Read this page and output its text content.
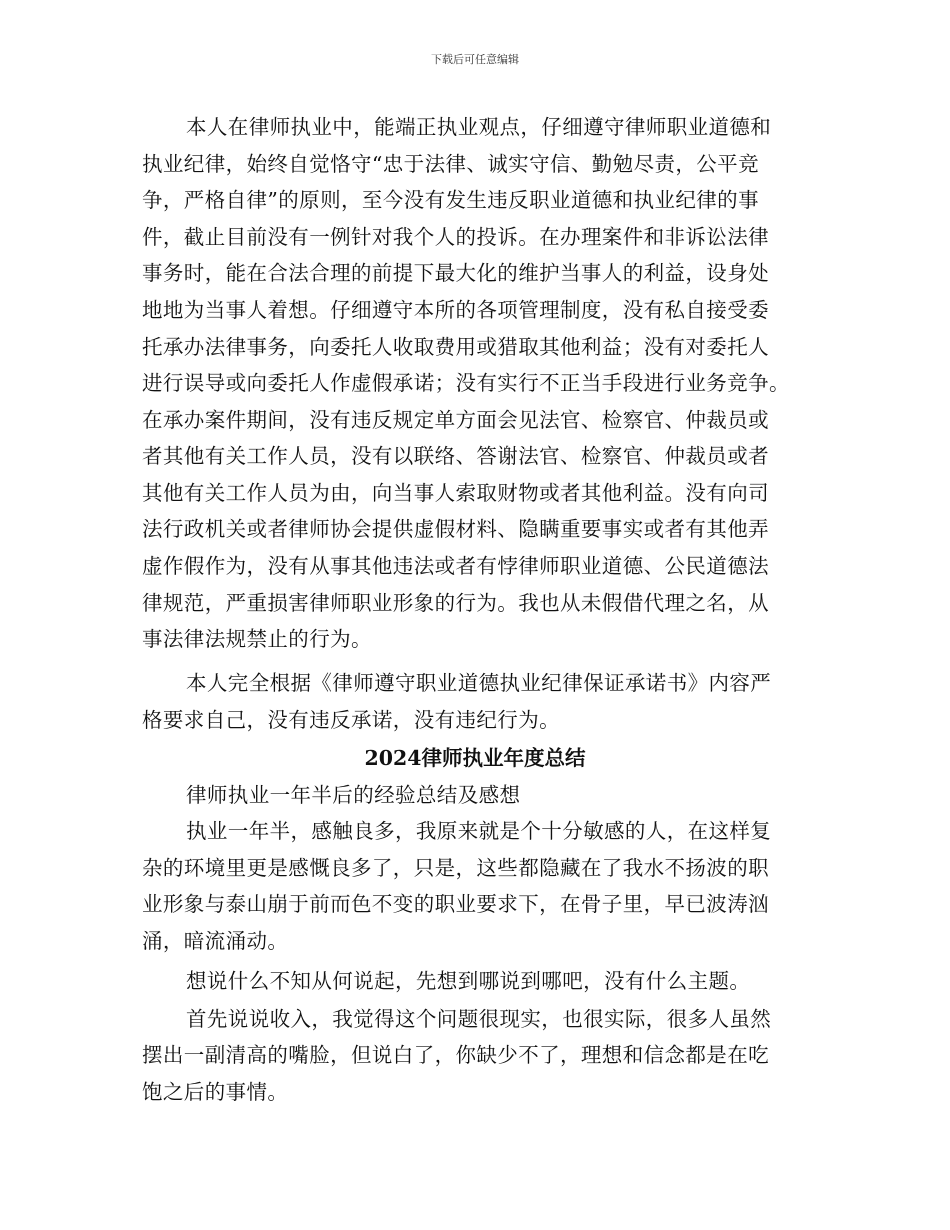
下载后可任意编辑
本人在律师执业中，能端正执业观点，仔细遵守律师职业道德和
执业纪律，始终自觉恪守“忠于法律、诚实守信、勤勉尽责，公平竞
争，严格自律”的原则，至今没有发生违反职业道德和执业纪律的事
件，截止目前没有一例针对我个人的投诉。在办理案件和非诉讼法律
事务时，能在合法合理的前提下最大化的维护当事人的利益，设身处
地地为当事人着想。仔细遵守本所的各项管理制度，没有私自接受委
托承办法律事务，向委托人收取费用或猎取其他利益；没有对委托人
进行误导或向委托人作虚假承诺；没有实行不正当手段进行业务竞争。
在承办案件期间，没有违反规定单方面会见法官、检察官、仲裁员或
者其他有关工作人员，没有以联络、答谢法官、检察官、仲裁员或者
其他有关工作人员为由，向当事人索取财物或者其他利益。没有向司
法行政机关或者律师协会提供虚假材料、隐瞒重要事实或者有其他弄
虚作假作为，没有从事其他违法或者有悖律师职业道德、公民道德法
律规范，严重损害律师职业形象的行为。我也从未假借代理之名，从
事法律法规禁止的行为。
本人完全根据《律师遵守职业道德执业纪律保证承诺书》内容严
格要求自己，没有违反承诺，没有违纪行为。
2024律师执业年度总结
律师执业一年半后的经验总结及感想
执业一年半，感触良多，我原来就是个十分敏感的人，在这样复
杂的环境里更是感慨良多了，只是，这些都隐藏在了我水不扬波的职
业形象与泰山崩于前而色不变的职业要求下，在骨子里，早已波涛汹
涌，暗流涌动。
想说什么不知从何说起，先想到哪说到哪吧，没有什么主题。
首先说说收入，我觉得这个问题很现实，也很实际，很多人虽然
摆出一副清高的嘴脸，但说白了，你缺少不了，理想和信念都是在吃
饱之后的事情。
